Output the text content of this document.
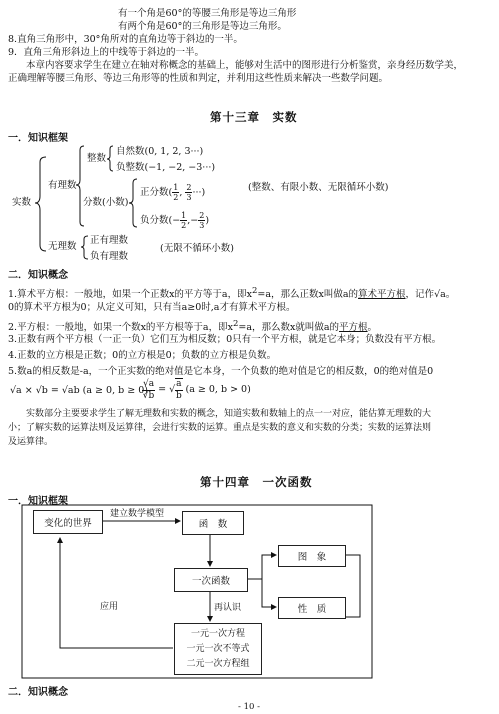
有一个角是60°的等腰三角形是等边三角形
有两个角是60°的三角形是等边三角形。
8.直角三角形中，30°角所对的直角边等于斜边的一半。
9．直角三角形斜边上的中线等于斜边的一半。
本章内容要求学生在建立在轴对称概念的基础上，能够对生活中的图形进行分析鉴赏，亲身经历数学美，
正确理解等腰三角形、等边三角形等的性质和判定，并利用这些性质来解决一些数学问题。
第十三章　实数
一．知识框架
实数
有理数
整数
自然数(0, 1, 2, 3···)
负整数(−1, −2, −3···)
分数(小数)
正分数( $\frac{1}{2}$ , $\frac{2}{3}$ ···)
负分数(− $\frac{1}{2}$ ,− $\frac{2}{3}$ )
(整数、有限小数、无限循环小数)
无理数
正有理数
负有理数
(无限不循环小数)
二．知识概念
1.算术平方根：一般地，如果一个正数x的平方等于a，即$x^2=a$，那么正数x叫做a的算术平方根，记作√a。
0的算术平方根为0；从定义可知，只有当a≥0时,a才有算术平方根。
2.平方根：一般地，如果一个数x的平方根等于a，即$x^2=a$，那么数x就叫做a的平方根。
3.正数有两个平方根（一正一负）它们互为相反数；0只有一个平方根，就是它本身；负数没有平方根。
4.正数的立方根是正数；0的立方根是0；负数的立方根是负数。
5.数a的相反数是-a，一个正实数的绝对值是它本身，一个负数的绝对值是它的相反数，0的绝对值是0
√a × √b = √ab (a ≥ 0, b ≥ 0)
$\frac{√a}{√b}$ = √ $\frac{a}{b} (a \ge 0$, b > 0)
实数部分主要要求学生了解无理数和实数的概念，知道实数和数轴上的点一一对应，能估算无理数的大
小；了解实数的运算法则及运算律，会进行实数的运算。重点是实数的意义和实数的分类；实数的运算法则
及运算律。
第十四章　一次函数
一．知识框架
变化的世界
建立数学模型
函　数
一次函数
图　象
性　质
应用	再认识
一元一次方程
一元一次不等式
二元一次方程组
二．知识概念
- 10 -
